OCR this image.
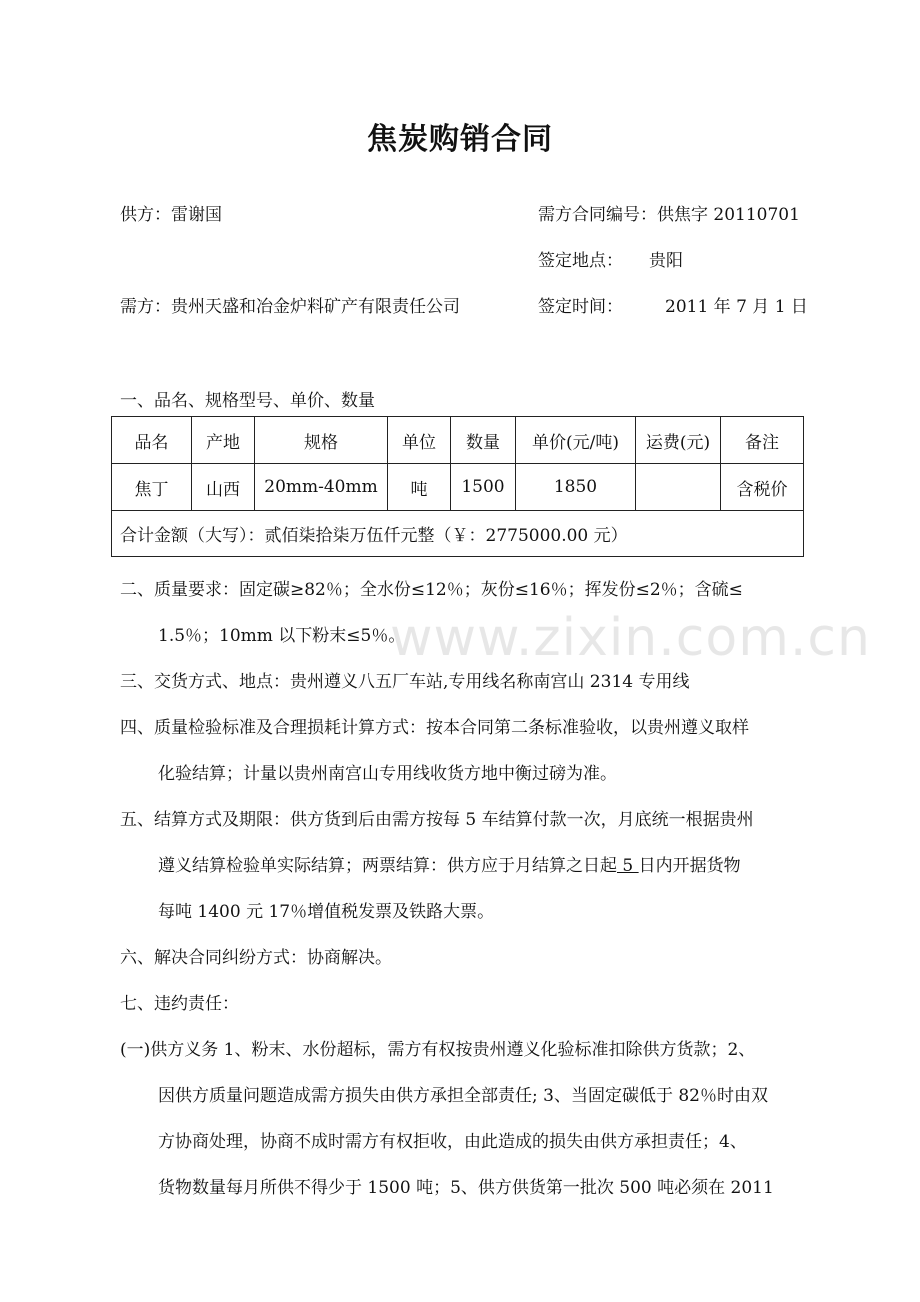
焦炭购销合同
供方：雷谢国	需方合同编号：供焦字 20110701
签定地点： 贵阳
需方：贵州天盛和冶金炉料矿产有限责任公司	签定时间： 2011 年 7 月 1 日
一、品名、规格型号、单价、数量
品名	产地	规格	单位	数量	单价(元/吨)	运费(元)	备注
焦丁	山西	20mm-40mm	吨	1500	1850		含税价
合计金额（大写）：贰佰柒拾柒万伍仟元整（￥：2775000.00 元）							
二、质量要求：固定碳≥82％；全水份≤12％；灰份≤16％；挥发份≤2％；含硫≤
1.5％；10mm 以下粉末≤5％。
www.zixin.com.cn
三、交货方式、地点：贵州遵义八五厂车站,专用线名称南宫山 2314 专用线
四、质量检验标准及合理损耗计算方式：按本合同第二条标准验收，以贵州遵义取样
化验结算；计量以贵州南宫山专用线收货方地中衡过磅为准。
五、结算方式及期限：供方货到后由需方按每 5 车结算付款一次，月底统一根据贵州
遵义结算检验单实际结算；两票结算：供方应于月结算之日起 5 日内开据货物
每吨 1400 元 17％增值税发票及铁路大票。
六、解决合同纠纷方式：协商解决。
七、违约责任：
(一)供方义务 1、粉末、水份超标，需方有权按贵州遵义化验标准扣除供方货款；2、
因供方质量问题造成需方损失由供方承担全部责任; 3、当固定碳低于 82％时由双
方协商处理，协商不成时需方有权拒收，由此造成的损失由供方承担责任；4、
货物数量每月所供不得少于 1500 吨；5、供方供货第一批次 500 吨必须在 2011
